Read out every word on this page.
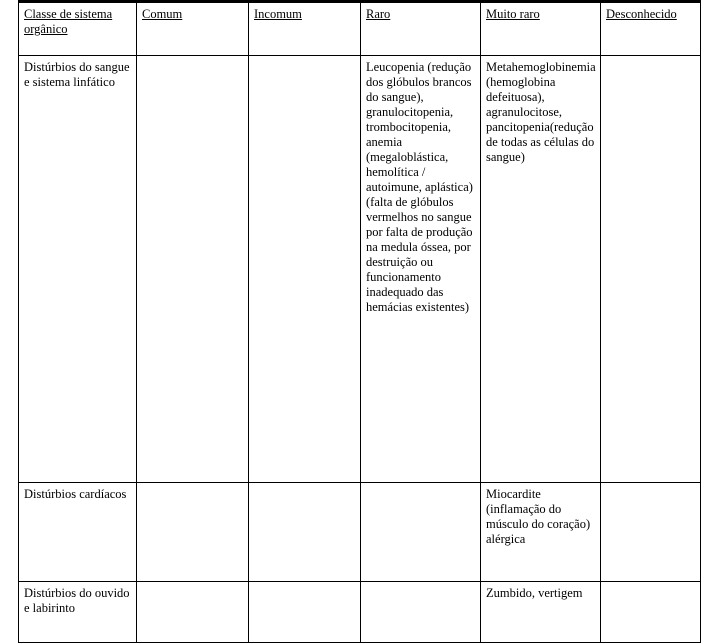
Classe de sistema orgânico	Comum	Incomum	Raro	Muito raro	Desconhecido

Distúrbios do sangue e sistema linfático			Leucopenia (redução dos glóbulos brancos do sangue), granulocitopenia, trombocitopenia, anemia (megaloblástica, hemolítica / autoimune, aplástica) (falta de glóbulos vermelhos no sangue por falta de produção na medula óssea, por destruição ou funcionamento inadequado das hemácias existentes)	Metahemoglobinemia (hemoglobina defeituosa), agranulocitose, pancitopenia(redução de todas as células do sangue)	

Distúrbios cardíacos				Miocardite (inflamação do músculo do coração) alérgica	

Distúrbios do ouvido e labirinto				Zumbido, vertigem	
